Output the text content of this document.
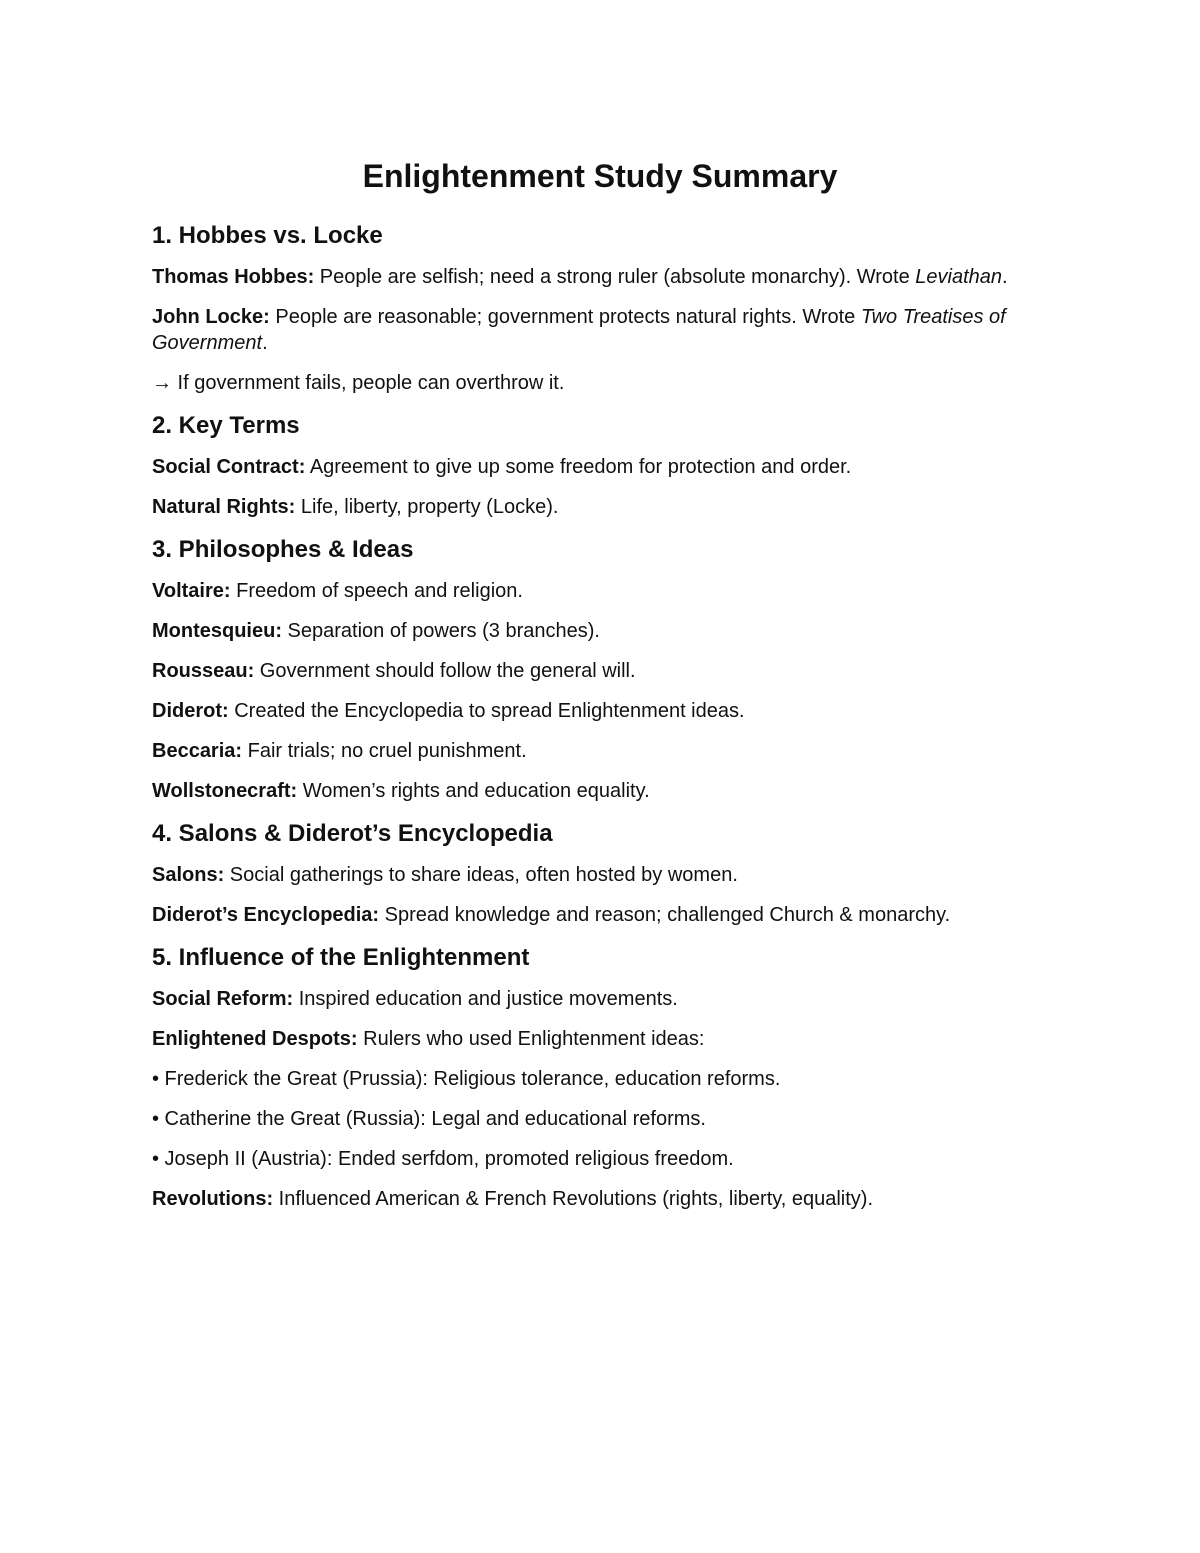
Enlightenment Study Summary
1. Hobbes vs. Locke

Thomas Hobbes: People are selfish; need a strong ruler (absolute monarchy). Wrote Leviathan.

John Locke: People are reasonable; government protects natural rights. Wrote Two Treatises of Government.

→ If government fails, people can overthrow it.

2. Key Terms

Social Contract: Agreement to give up some freedom for protection and order.

Natural Rights: Life, liberty, property (Locke).

3. Philosophes & Ideas

Voltaire: Freedom of speech and religion.

Montesquieu: Separation of powers (3 branches).

Rousseau: Government should follow the general will.

Diderot: Created the Encyclopedia to spread Enlightenment ideas.

Beccaria: Fair trials; no cruel punishment.

Wollstonecraft: Women’s rights and education equality.

4. Salons & Diderot’s Encyclopedia

Salons: Social gatherings to share ideas, often hosted by women.

Diderot’s Encyclopedia: Spread knowledge and reason; challenged Church & monarchy.

5. Influence of the Enlightenment

Social Reform: Inspired education and justice movements.

Enlightened Despots: Rulers who used Enlightenment ideas:

• Frederick the Great (Prussia): Religious tolerance, education reforms.

• Catherine the Great (Russia): Legal and educational reforms.

• Joseph II (Austria): Ended serfdom, promoted religious freedom.

Revolutions: Influenced American & French Revolutions (rights, liberty, equality).
